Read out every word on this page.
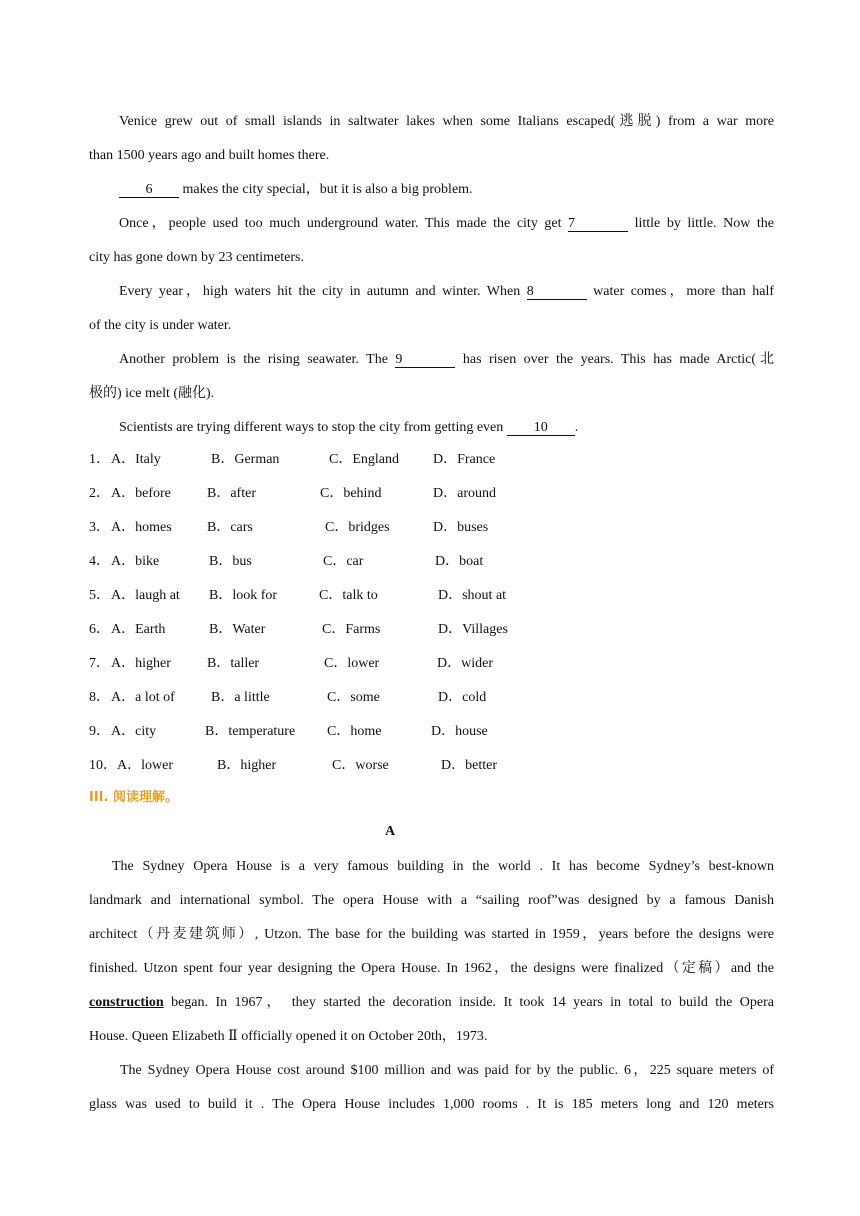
Venice grew out of small islands in saltwater lakes when some Italians escaped(逃脱) from a war more
than 1500 years ago and built homes there.
6 makes the city special，but it is also a big problem.
Once，people used too much underground water. This made the city get 7	little by little. Now the
city has gone down by 23 centimeters.
Every year，high waters hit the city in autumn and winter. When 8	water comes，more than half
of the city is under water.
Another problem is the rising seawater. The 9	has risen over the years. This has made Arctic(北
极的) ice melt (融化).
Scientists are trying different ways to stop the city from getting even 10 .
1． A．Italy	B．German	C．England D．France
2． A．before	B．after	C．behind	D．around
3． A．homes	B．cars	C．bridges	D．buses
4． A．bike	B．bus	C．car	D．boat
5． A．laugh at B．look for	C．talk to	D．shout at
6． A．Earth	B．Water	C．Farms	D．Villages
7． A．higher	B．taller	C．lower	D．wider
8． A．a lot of	B．a little	C．some	D．cold
9． A．city	B．temperature C．home	D．house
10． A．lower	B．higher	C．worse	D．better
III. 阅读理解。
A
The Sydney Opera House is a very famous building in the world . It has become Sydney’s best-known
landmark and international symbol. The opera House with a “sailing roof”was designed by a famous Danish
architect（丹麦建筑师）, Utzon. The base for the building was started in 1959，years before the designs were
finished. Utzon spent four year designing the Opera House. In 1962，the designs were finalized（定稿）and the
construction began. In 1967， they started the decoration inside. It took 14 years in total to build the Opera
House. Queen Elizabeth Ⅱ officially opened it on October 20th，1973.
The Sydney Opera House cost around $100 million and was paid for by the public. 6，225 square meters of
glass was used to build it . The Opera House includes 1,000 rooms . It is 185 meters long and 120 meters
